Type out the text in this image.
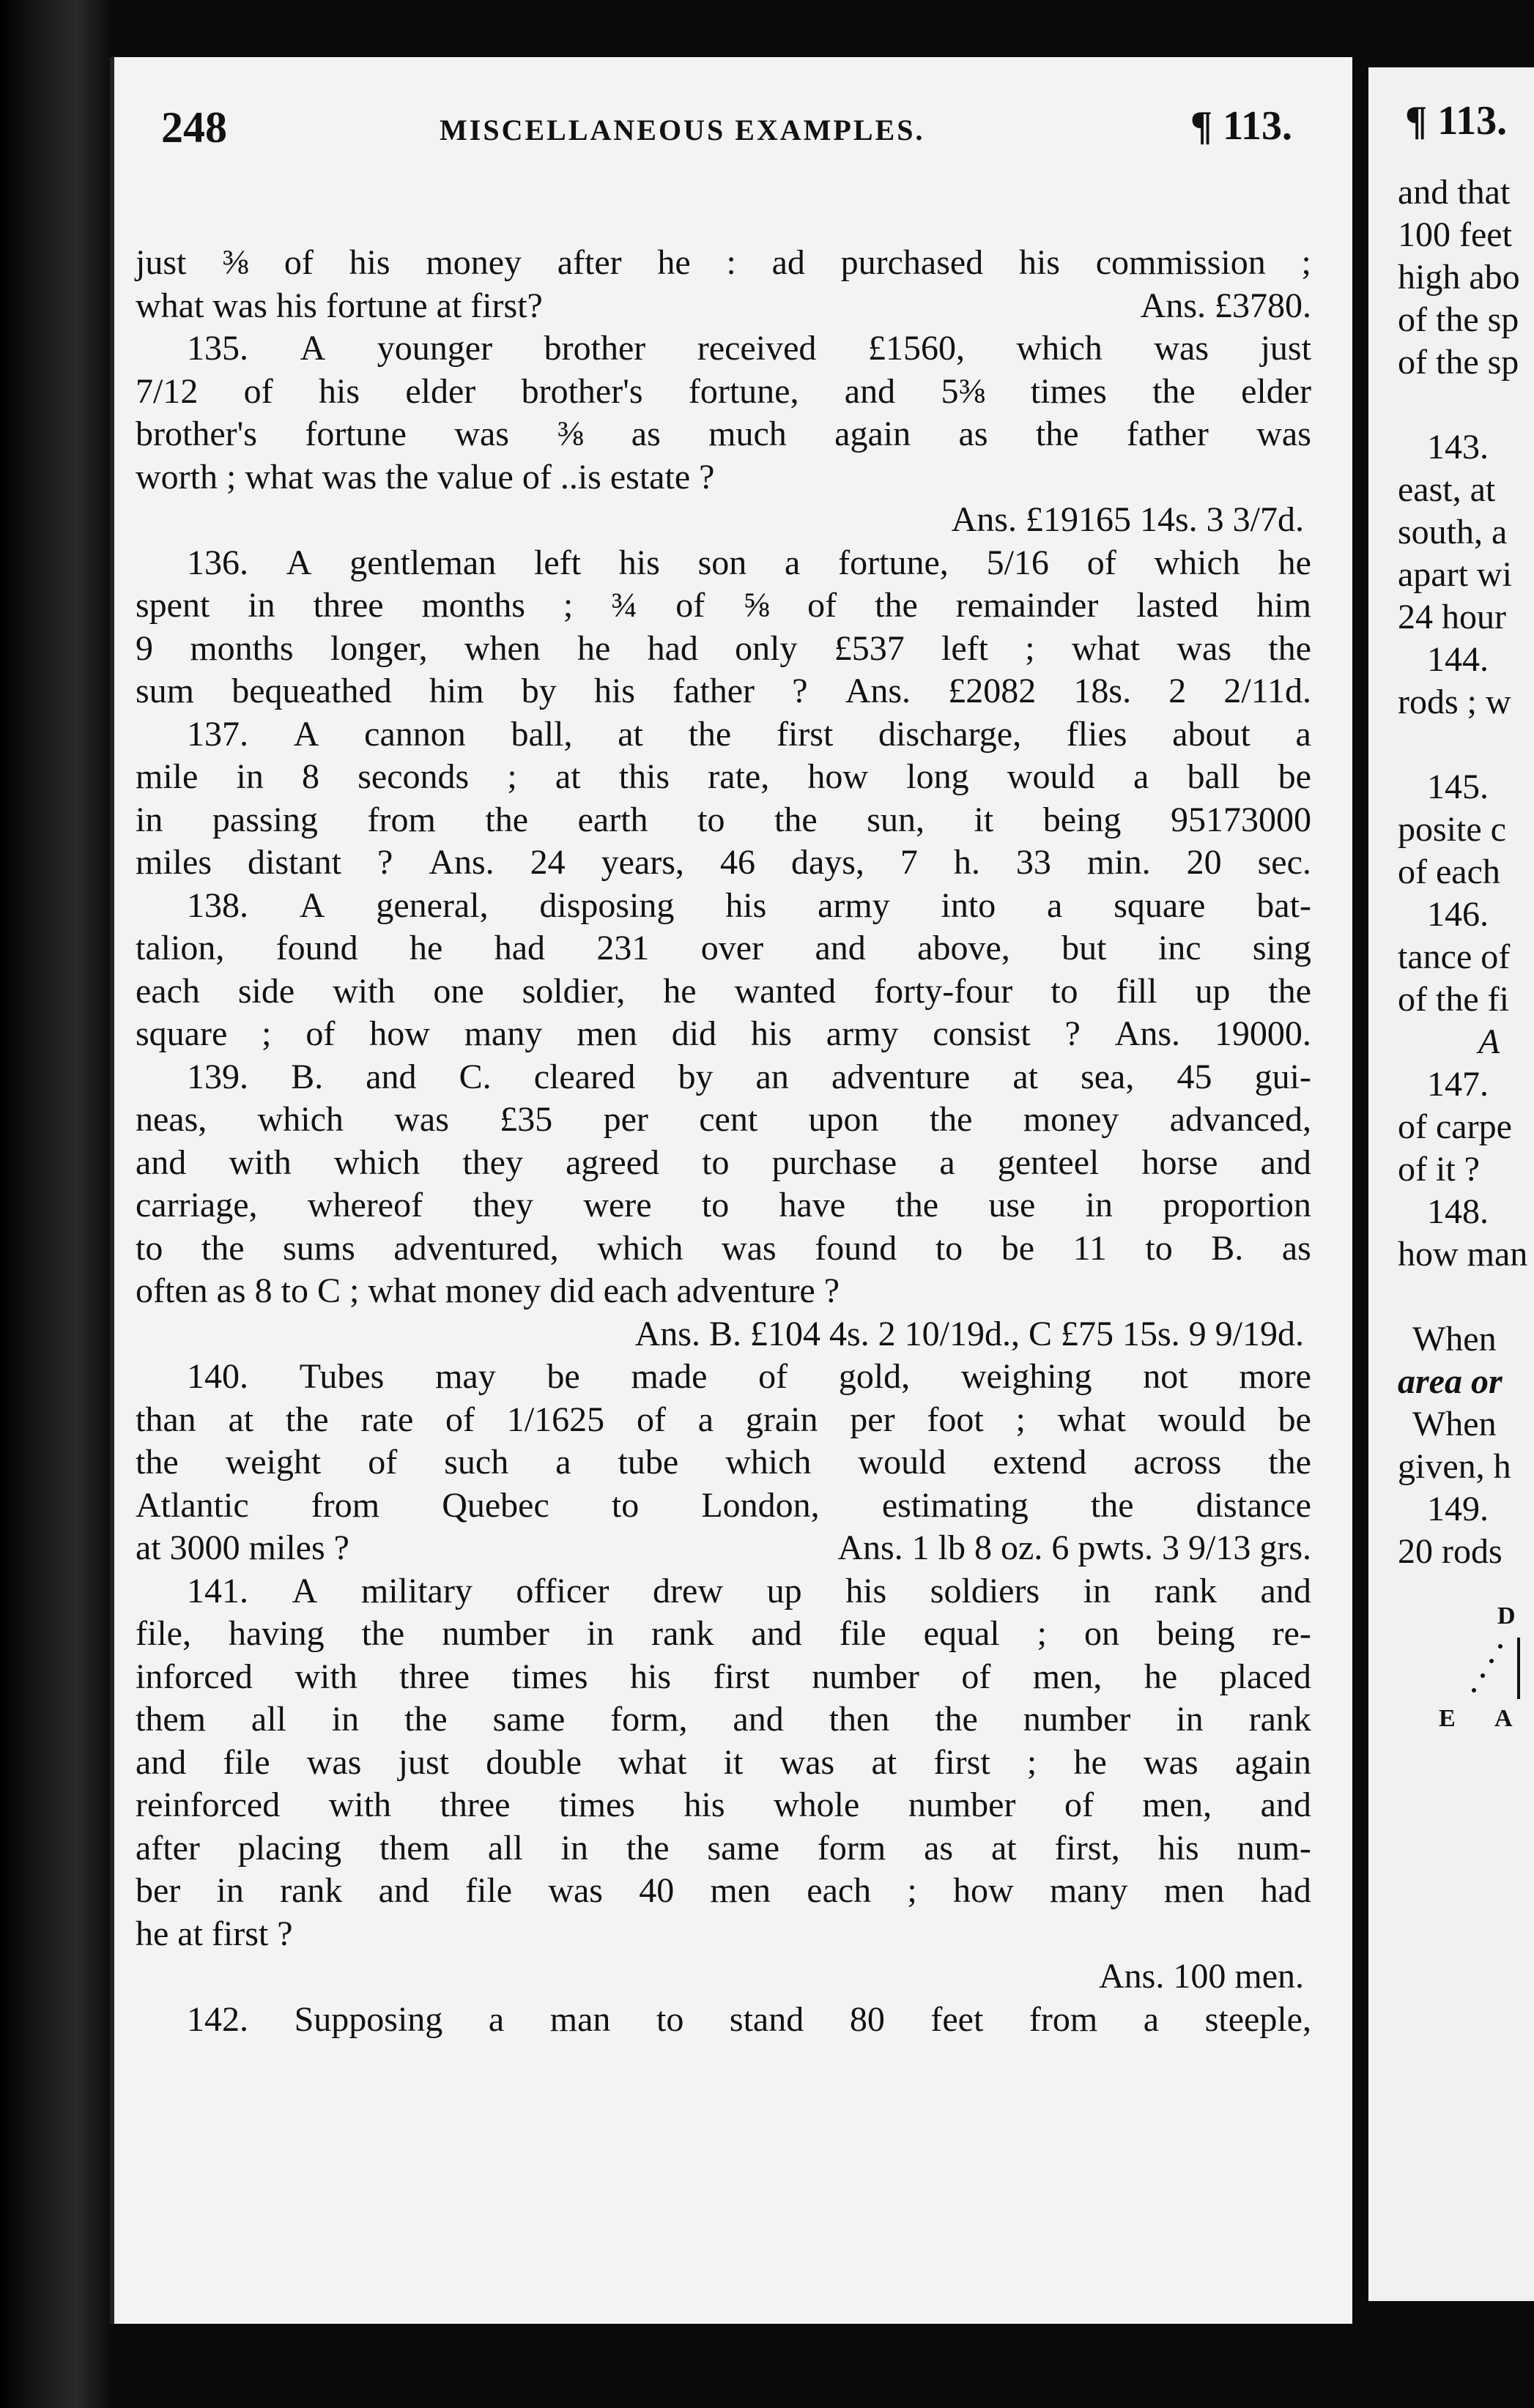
248	MISCELLANEOUS EXAMPLES.	¶ 113.
just ⅜ of his money after he : ad purchased his commission ;
what was his fortune at first?	Ans. £3780.
135. A younger brother received £1560, which was just
7/12 of his elder brother's fortune, and 5⅜ times the elder
brother's fortune was ⅜ as much again as the father was
worth ; what was the value of ..is estate ?
Ans. £19165 14s. 3 3/7d.
136. A gentleman left his son a fortune, 5/16 of which he
spent in three months ; ¾ of ⅝ of the remainder lasted him
9 months longer, when he had only £537 left ; what was the
sum bequeathed him by his father ? Ans. £2082 18s. 2 2/11d.
137. A cannon ball, at the first discharge, flies about a
mile in 8 seconds ; at this rate, how long would a ball be
in passing from the earth to the sun, it being 95173000
miles distant ? Ans. 24 years, 46 days, 7 h. 33 min. 20 sec.
138. A general, disposing his army into a square bat-
talion, found he had 231 over and above, but inc sing
each side with one soldier, he wanted forty-four to fill up the
square ; of how many men did his army consist ? Ans. 19000.
139. B. and C. cleared by an adventure at sea, 45 gui-
neas, which was £35 per cent upon the money advanced,
and with which they agreed to purchase a genteel horse and
carriage, whereof they were to have the use in proportion
to the sums adventured, which was found to be 11 to B. as
often as 8 to C ; what money did each adventure ?
Ans. B. £104 4s. 2 10/19d., C £75 15s. 9 9/19d.
140. Tubes may be made of gold, weighing not more
than at the rate of 1/1625 of a grain per foot ; what would be
the weight of such a tube which would extend across the
Atlantic from Quebec to London, estimating the distance
at 3000 miles ?	Ans. 1 lb 8 oz. 6 pwts. 3 9/13 grs.
141. A military officer drew up his soldiers in rank and
file, having the number in rank and file equal ; on being re-
inforced with three times his first number of men, he placed
them all in the same form, and then the number in rank
and file was just double what it was at first ; he was again
reinforced with three times his whole number of men, and
after placing them all in the same form as at first, his num-
ber in rank and file was 40 men each ; how many men had
he at first ?
Ans. 100 men.
142. Supposing a man to stand 80 feet from a steeple,
¶ 113.
and that
100 feet
high abo
of the sp
of the sp
143.
east, at
south, a
apart wi
24 hour
144.
rods ; w
145.
posite c
of each
146.
tance of
of the fi
A
147.
of carpe
of it ?
148.
how man
When
area or
When
given, h
149.
20 rods
D
E A
